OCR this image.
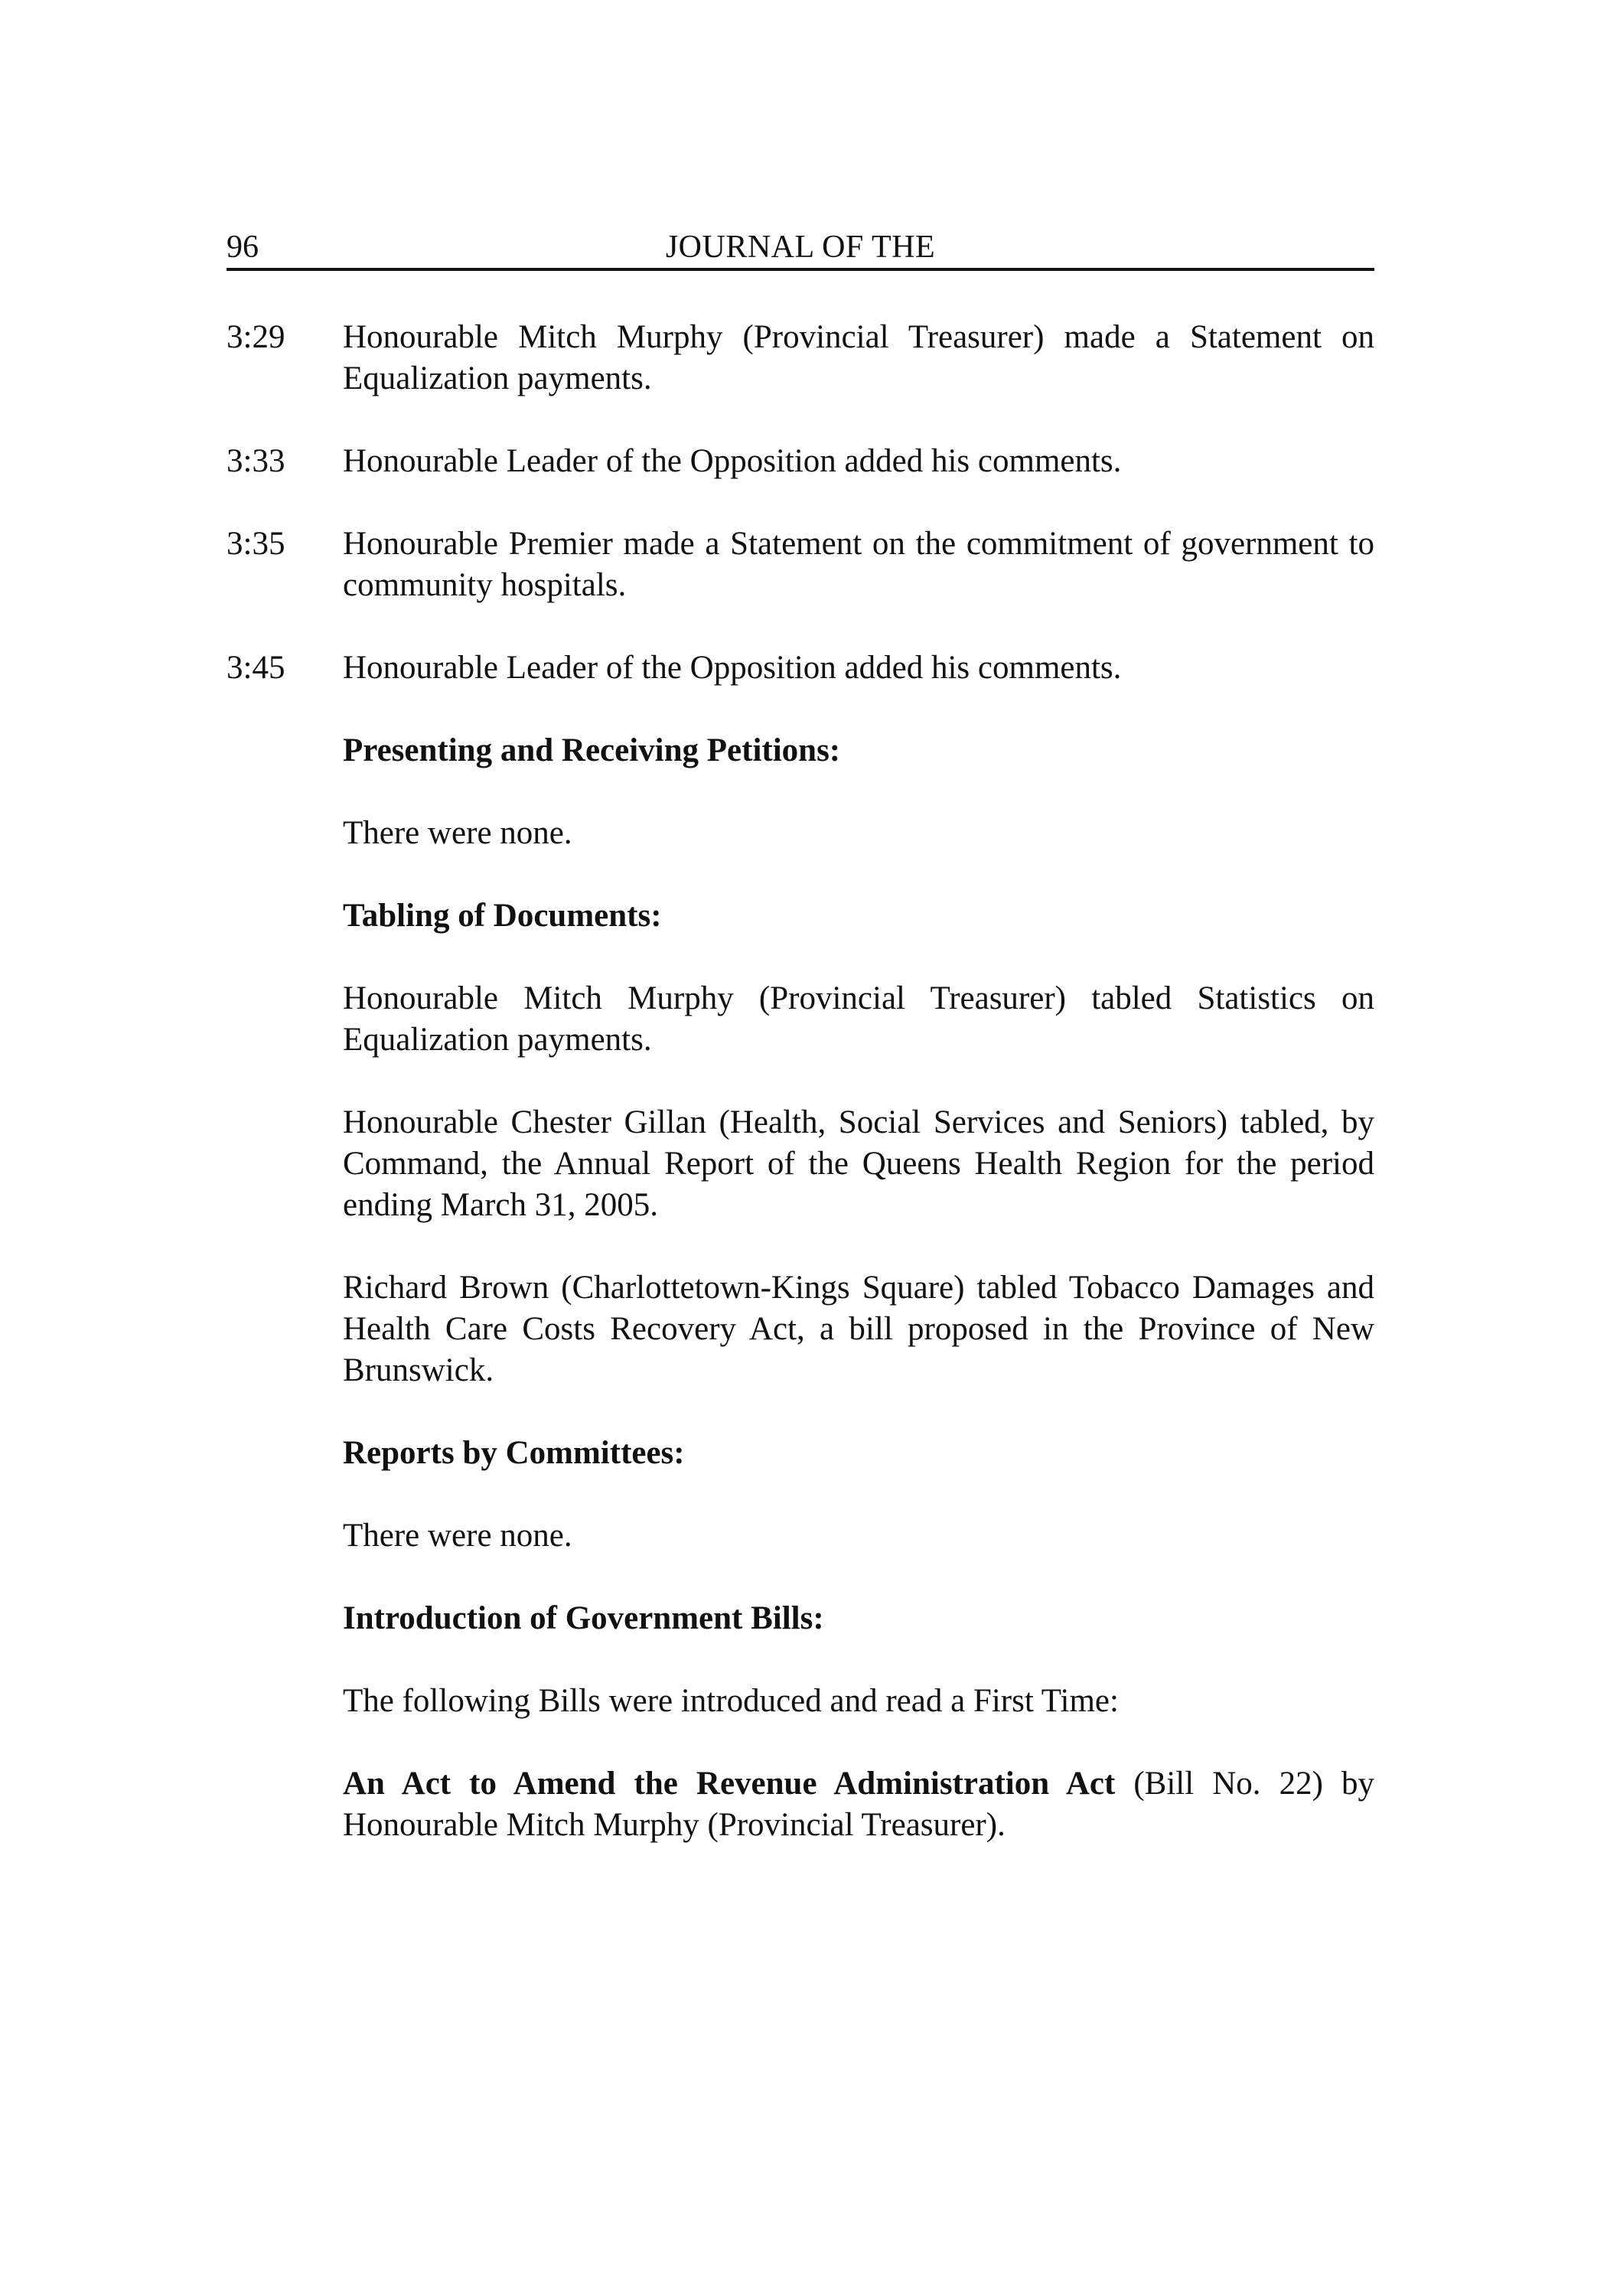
96	JOURNAL OF THE
3:29	Honourable Mitch Murphy (Provincial Treasurer) made a Statement on Equalization payments.
3:33	Honourable Leader of the Opposition added his comments.
3:35	Honourable Premier made a Statement on the commitment of government to community hospitals.
3:45	Honourable Leader of the Opposition added his comments.
Presenting and Receiving Petitions:
There were none.
Tabling of Documents:
Honourable Mitch Murphy (Provincial Treasurer) tabled Statistics on Equalization payments.
Honourable Chester Gillan (Health, Social Services and Seniors) tabled, by Command, the Annual Report of the Queens Health Region for the period ending March 31, 2005.
Richard Brown (Charlottetown-Kings Square) tabled Tobacco Damages and Health Care Costs Recovery Act, a bill proposed in the Province of New Brunswick.
Reports by Committees:
There were none.
Introduction of Government Bills:
The following Bills were introduced and read a First Time:
An Act to Amend the Revenue Administration Act (Bill No. 22) by Honourable Mitch Murphy (Provincial Treasurer).
